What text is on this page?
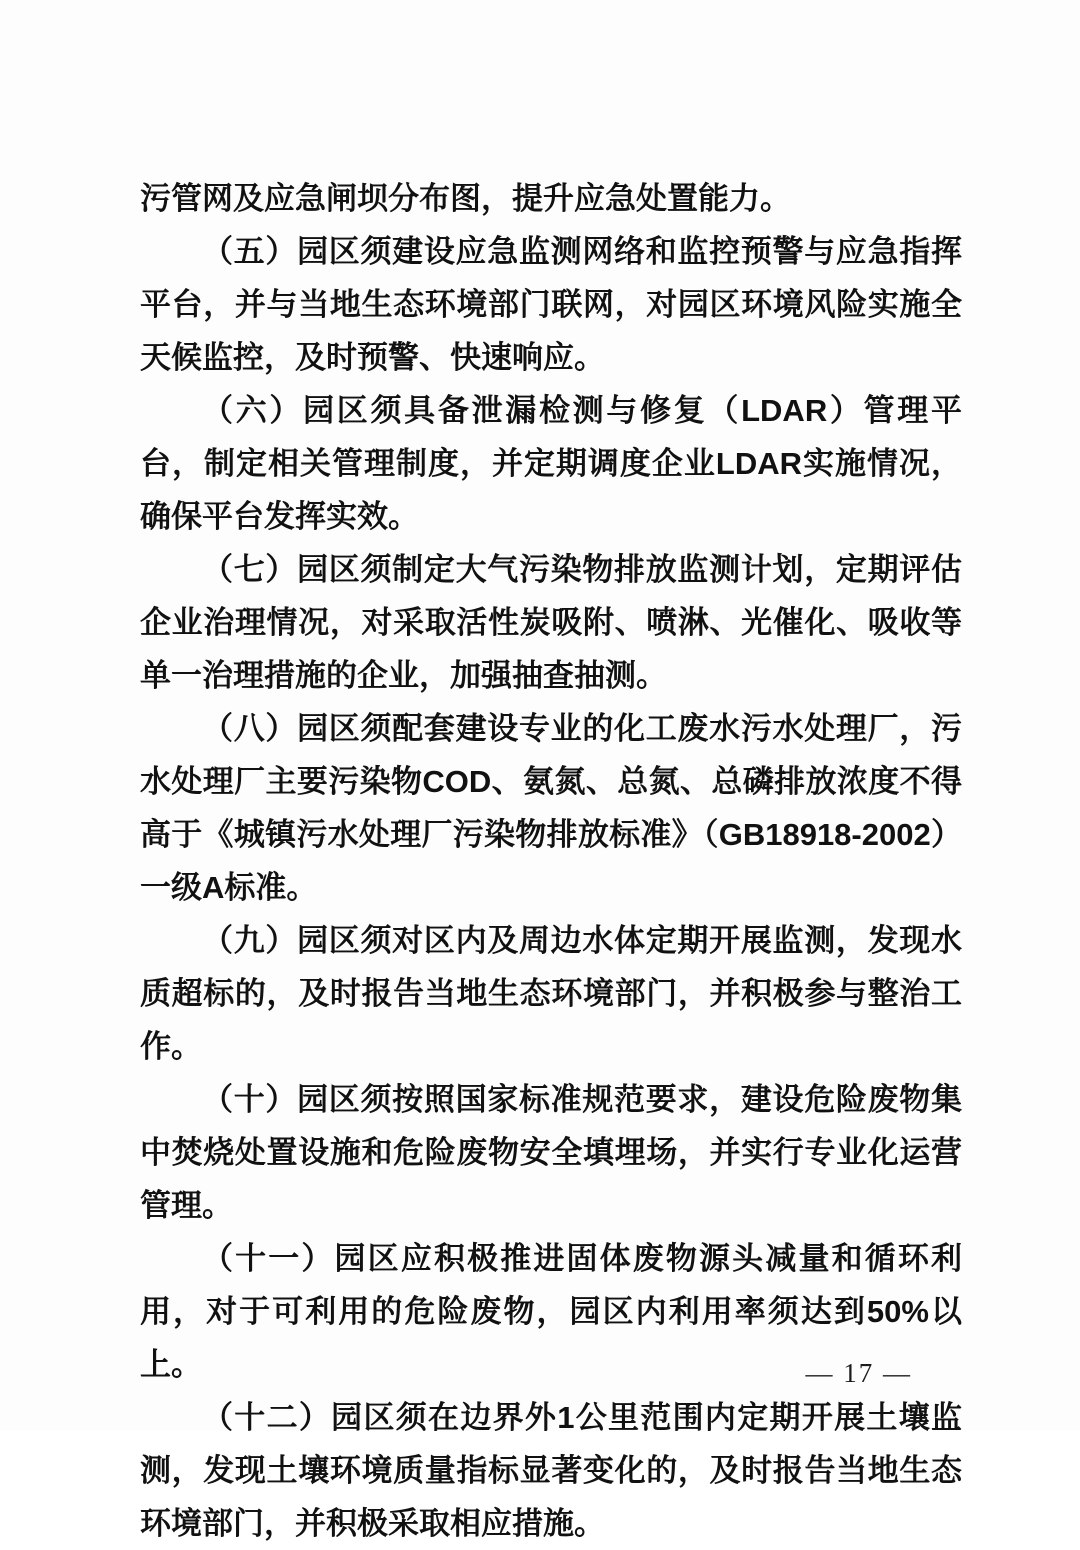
污管网及应急闸坝分布图，提升应急处置能力。

（五）园区须建设应急监测网络和监控预警与应急指挥平台，并与当地生态环境部门联网，对园区环境风险实施全天候监控，及时预警、快速响应。

（六）园区须具备泄漏检测与修复（LDAR）管理平台，制定相关管理制度，并定期调度企业LDAR实施情况，确保平台发挥实效。

（七）园区须制定大气污染物排放监测计划，定期评估企业治理情况，对采取活性炭吸附、喷淋、光催化、吸收等单一治理措施的企业，加强抽查抽测。

（八）园区须配套建设专业的化工废水污水处理厂，污水处理厂主要污染物COD、氨氮、总氮、总磷排放浓度不得高于《城镇污水处理厂污染物排放标准》（GB18918-2002）一级A标准。

（九）园区须对区内及周边水体定期开展监测，发现水质超标的，及时报告当地生态环境部门，并积极参与整治工作。

（十）园区须按照国家标准规范要求，建设危险废物集中焚烧处置设施和危险废物安全填埋场，并实行专业化运营管理。

（十一）园区应积极推进固体废物源头减量和循环利用，对于可利用的危险废物，园区内利用率须达到50%以上。

（十二）园区须在边界外1公里范围内定期开展土壤监测，发现土壤环境质量指标显著变化的，及时报告当地生态环境部门，并积极采取相应措施。

— 17 —
